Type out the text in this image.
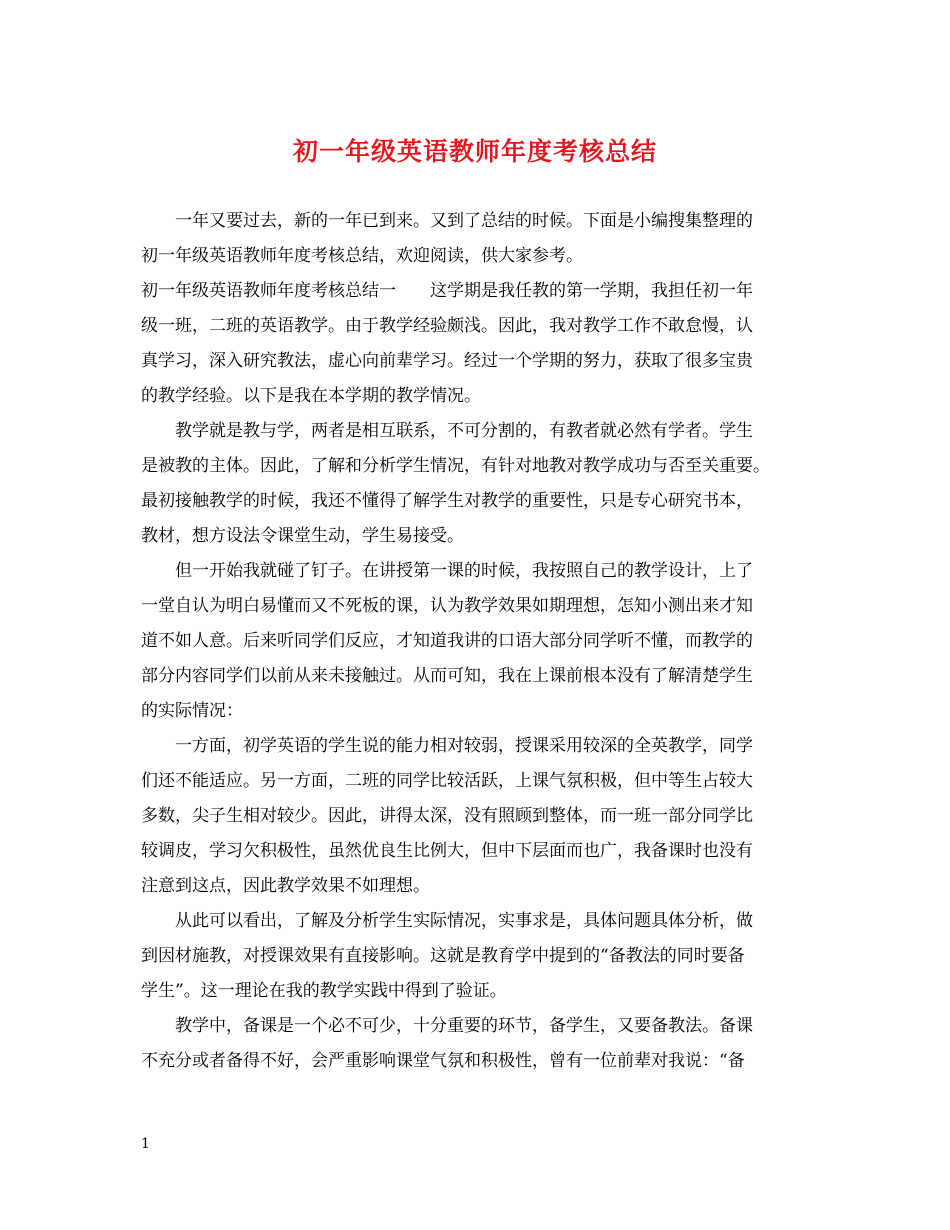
初一年级英语教师年度考核总结
　　一年又要过去，新的一年已到来。又到了总结的时候。下面是小编搜集整理的
初一年级英语教师年度考核总结，欢迎阅读，供大家参考。
初一年级英语教师年度考核总结一　　这学期是我任教的第一学期，我担任初一年
级一班，二班的英语教学。由于教学经验颇浅。因此，我对教学工作不敢怠慢，认
真学习，深入研究教法，虚心向前辈学习。经过一个学期的努力，获取了很多宝贵
的教学经验。以下是我在本学期的教学情况。
　　教学就是教与学，两者是相互联系，不可分割的，有教者就必然有学者。学生
是被教的主体。因此，了解和分析学生情况，有针对地教对教学成功与否至关重要。
最初接触教学的时候，我还不懂得了解学生对教学的重要性，只是专心研究书本，
教材，想方设法令课堂生动，学生易接受。
　　但一开始我就碰了钉子。在讲授第一课的时候，我按照自己的教学设计，上了
一堂自认为明白易懂而又不死板的课，认为教学效果如期理想，怎知小测出来才知
道不如人意。后来听同学们反应，才知道我讲的口语大部分同学听不懂，而教学的
部分内容同学们以前从来未接触过。从而可知，我在上课前根本没有了解清楚学生
的实际情况：
　　一方面，初学英语的学生说的能力相对较弱，授课采用较深的全英教学，同学
们还不能适应。另一方面，二班的同学比较活跃，上课气氛积极，但中等生占较大
多数，尖子生相对较少。因此，讲得太深，没有照顾到整体，而一班一部分同学比
较调皮，学习欠积极性，虽然优良生比例大，但中下层面而也广，我备课时也没有
注意到这点，因此教学效果不如理想。
　　从此可以看出，了解及分析学生实际情况，实事求是，具体问题具体分析，做
到因材施教，对授课效果有直接影响。这就是教育学中提到的“备教法的同时要备
学生”。这一理论在我的教学实践中得到了验证。
　　教学中，备课是一个必不可少，十分重要的环节，备学生，又要备教法。备课
不充分或者备得不好，会严重影响课堂气氛和积极性，曾有一位前辈对我说：“备
1
